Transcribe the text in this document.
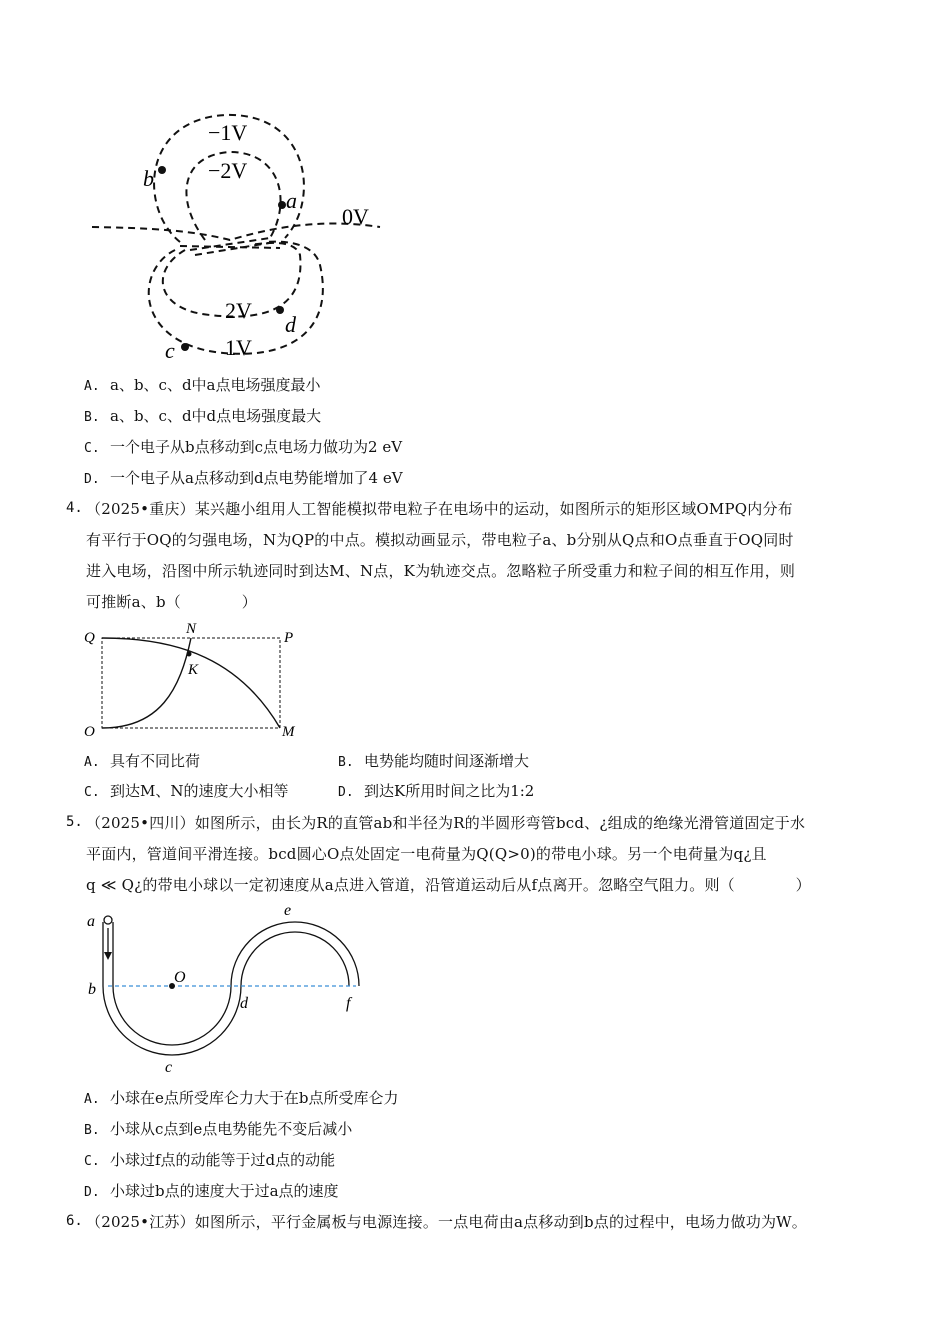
−1V
−2V
0V
2V
1V
a
b
c
d
A. a、b、c、d中a点电场强度最小
B. a、b、c、d中d点电场强度最大
C. 一个电子从b点移动到c点电场力做功为2 eV
D. 一个电子从a点移动到d点电势能增加了4 eV
4. （2025•重庆）某兴趣小组用人工智能模拟带电粒子在电场中的运动，如图所示的矩形区域OMPQ内分布
有平行于OQ的匀强电场，N为QP的中点。模拟动画显示，带电粒子a、b分别从Q点和O点垂直于OQ同时
进入电场，沿图中所示轨迹同时到达M、N点，K为轨迹交点。忽略粒子所受重力和粒子间的相互作用，则
可推断a、b（　　　　）
Q
N
P
K
O	M
A. 具有不同比荷	B. 电势能均随时间逐渐增大
C. 到达M、N的速度大小相等	D. 到达K所用时间之比为1:2
5. （2025•四川）如图所示，由长为R的直管ab和半径为R的半圆形弯管bcd、¿组成的绝缘光滑管道固定于水
平面内，管道间平滑连接。bcd圆心O点处固定一电荷量为Q(Q>0)的带电小球。另一个电荷量为q¿且
q ≪ Q¿的带电小球以一定初速度从a点进入管道，沿管道运动后从f点离开。忽略空气阻力。则（　　　　）
a
e
O
b
d	f
c
A. 小球在e点所受库仑力大于在b点所受库仑力
B. 小球从c点到e点电势能先不变后减小
C. 小球过f点的动能等于过d点的动能
D. 小球过b点的速度大于过a点的速度
6. （2025•江苏）如图所示，平行金属板与电源连接。一点电荷由a点移动到b点的过程中，电场力做功为W。
